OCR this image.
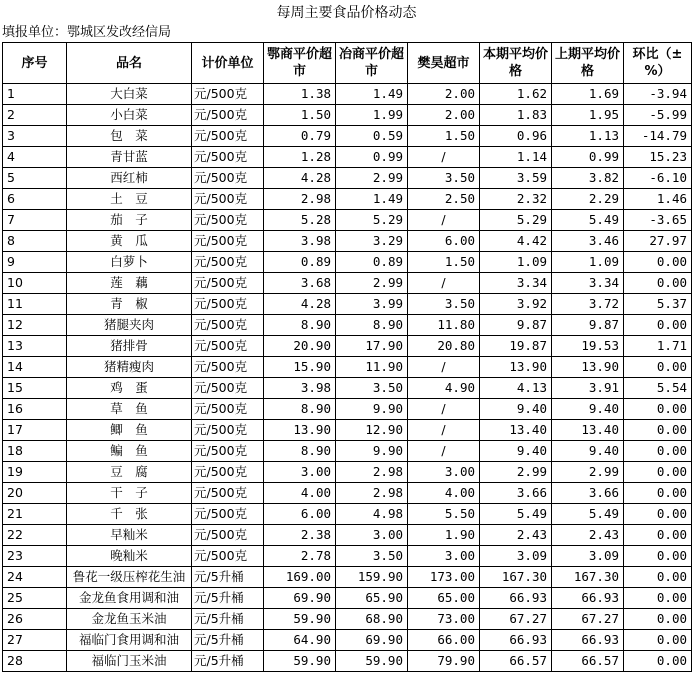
每周主要食品价格动态
填报单位：鄂城区发改经信局
序号	品名	计价单位	鄂商平价超市	冶商平价超市	樊昊超市	本期平均价格	上期平均价格	环比（±%）
1	大白菜	元/500克	1.38	1.49	2.00	1.62	1.69	-3.94
2	小白菜	元/500克	1.50	1.99	2.00	1.83	1.95	-5.99
3	包　菜	元/500克	0.79	0.59	1.50	0.96	1.13	-14.79
4	青甘蓝	元/500克	1.28	0.99	/	1.14	0.99	15.23
5	西红柿	元/500克	4.28	2.99	3.50	3.59	3.82	-6.10
6	土　豆	元/500克	2.98	1.49	2.50	2.32	2.29	1.46
7	茄　子	元/500克	5.28	5.29	/	5.29	5.49	-3.65
8	黄　瓜	元/500克	3.98	3.29	6.00	4.42	3.46	27.97
9	白萝卜	元/500克	0.89	0.89	1.50	1.09	1.09	0.00
10	莲　藕	元/500克	3.68	2.99	/	3.34	3.34	0.00
11	青　椒	元/500克	4.28	3.99	3.50	3.92	3.72	5.37
12	猪腿夹肉	元/500克	8.90	8.90	11.80	9.87	9.87	0.00
13	猪排骨	元/500克	20.90	17.90	20.80	19.87	19.53	1.71
14	猪精瘦肉	元/500克	15.90	11.90	/	13.90	13.90	0.00
15	鸡　蛋	元/500克	3.98	3.50	4.90	4.13	3.91	5.54
16	草　鱼	元/500克	8.90	9.90	/	9.40	9.40	0.00
17	鲫　鱼	元/500克	13.90	12.90	/	13.40	13.40	0.00
18	鳊　鱼	元/500克	8.90	9.90	/	9.40	9.40	0.00
19	豆　腐	元/500克	3.00	2.98	3.00	2.99	2.99	0.00
20	干　子	元/500克	4.00	2.98	4.00	3.66	3.66	0.00
21	千　张	元/500克	6.00	4.98	5.50	5.49	5.49	0.00
22	早籼米	元/500克	2.38	3.00	1.90	2.43	2.43	0.00
23	晚籼米	元/500克	2.78	3.50	3.00	3.09	3.09	0.00
24	鲁花一级压榨花生油	元/5升桶	169.00	159.90	173.00	167.30	167.30	0.00
25	金龙鱼食用调和油	元/5升桶	69.90	65.90	65.00	66.93	66.93	0.00
26	金龙鱼玉米油	元/5升桶	59.90	68.90	73.00	67.27	67.27	0.00
27	福临门食用调和油	元/5升桶	64.90	69.90	66.00	66.93	66.93	0.00
28	福临门玉米油	元/5升桶	59.90	59.90	79.90	66.57	66.57	0.00
